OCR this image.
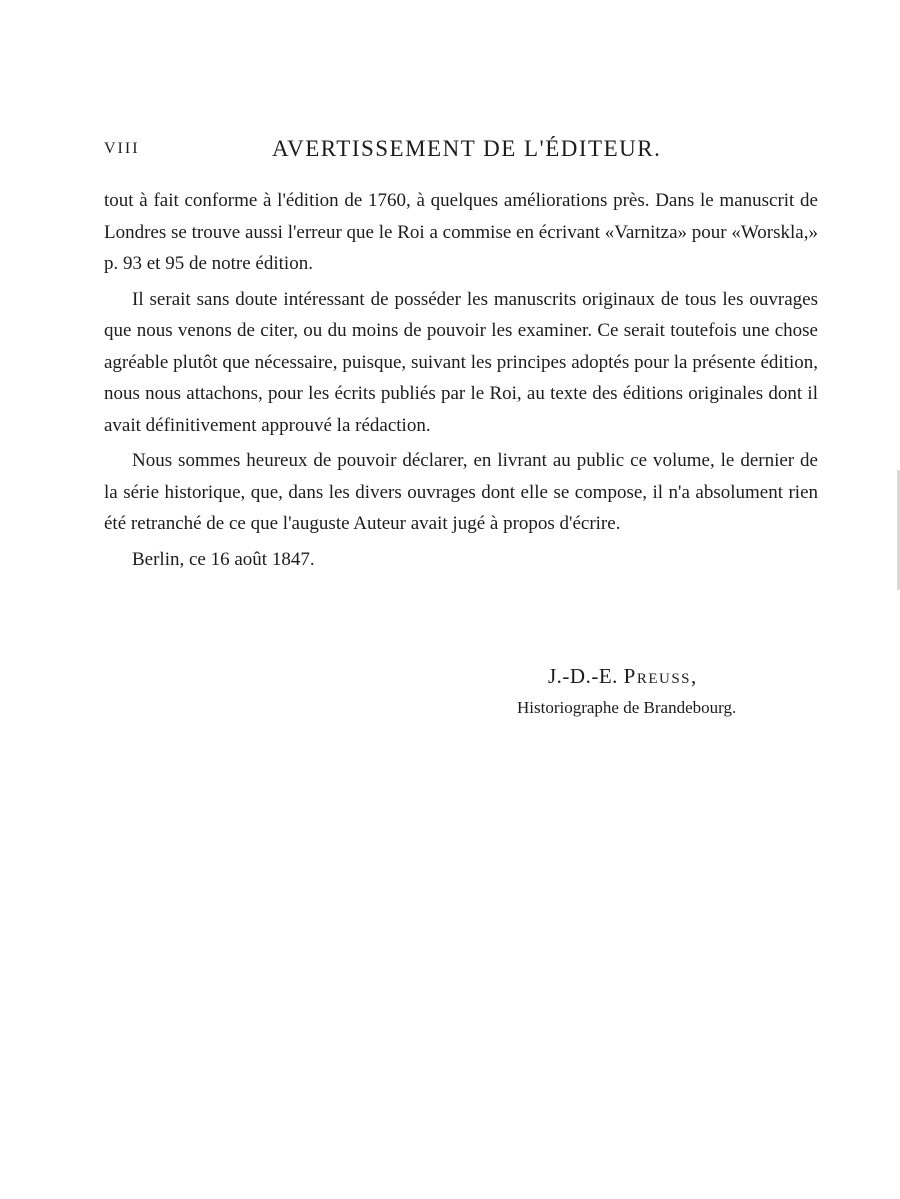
VIII	AVERTISSEMENT DE L'ÉDITEUR.

tout à fait conforme à l'édition de 1760, à quelques améliorations près. Dans le manuscrit de Londres se trouve aussi l'erreur que le Roi a commise en écrivant «Varnitza» pour «Worskla,» p. 93 et 95 de notre édition.

Il serait sans doute intéressant de posséder les manuscrits originaux de tous les ouvrages que nous venons de citer, ou du moins de pouvoir les examiner. Ce serait toutefois une chose agréable plutôt que nécessaire, puisque, suivant les principes adoptés pour la présente édition, nous nous attachons, pour les écrits publiés par le Roi, au texte des éditions originales dont il avait définitivement approuvé la rédaction.

Nous sommes heureux de pouvoir déclarer, en livrant au public ce volume, le dernier de la série historique, que, dans les divers ouvrages dont elle se compose, il n'a absolument rien été retranché de ce que l'auguste Auteur avait jugé à propos d'écrire.

Berlin, ce 16 août 1847.

J.-D.-E. Preuss,
Historiographe de Brandebourg.
